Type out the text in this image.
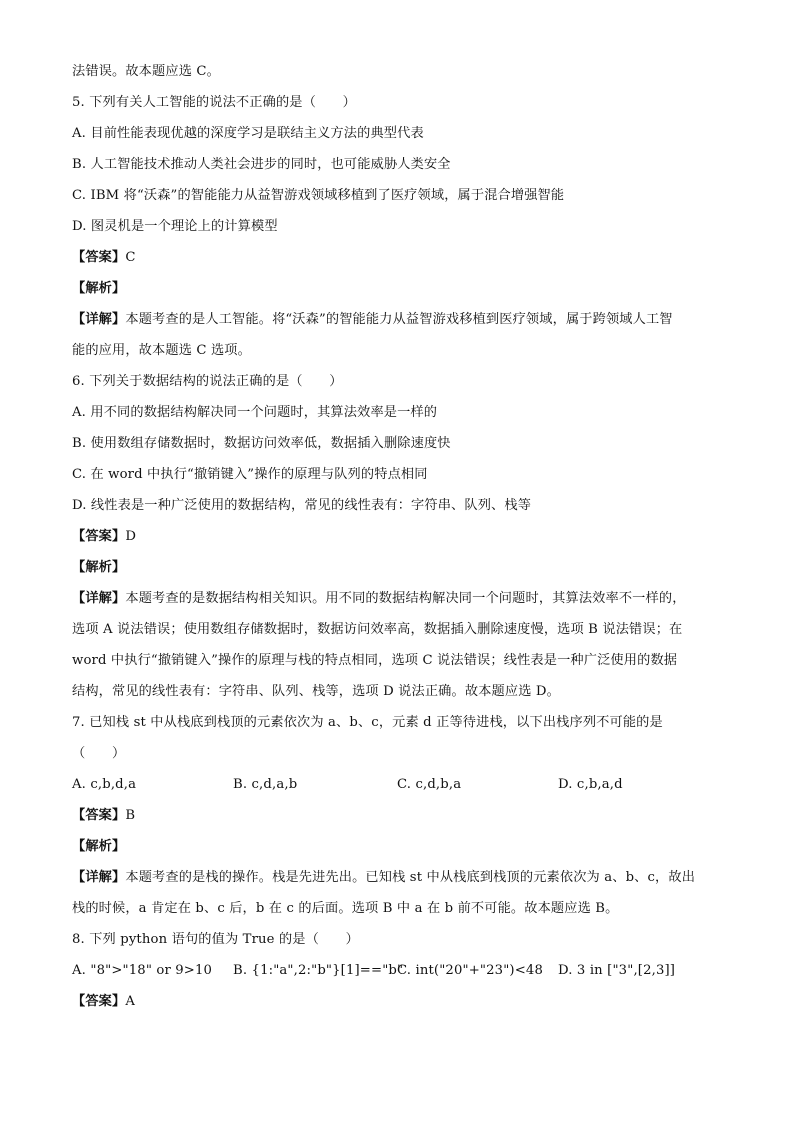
法错误。故本题应选 C。
5. 下列有关人工智能的说法不正确的是（　　）
A. 目前性能表现优越的深度学习是联结主义方法的典型代表
B. 人工智能技术推动人类社会进步的同时，也可能威胁人类安全
C. IBM 将“沃森”的智能能力从益智游戏领域移植到了医疗领域，属于混合增强智能
D. 图灵机是一个理论上的计算模型
【答案】C
【解析】
【详解】本题考查的是人工智能。将“沃森”的智能能力从益智游戏移植到医疗领域，属于跨领域人工智
能的应用，故本题选 C 选项。
6. 下列关于数据结构的说法正确的是（　　）
A. 用不同的数据结构解决同一个问题时，其算法效率是一样的
B. 使用数组存储数据时，数据访问效率低，数据插入删除速度快
C. 在 word 中执行“撤销键入”操作的原理与队列的特点相同
D. 线性表是一种广泛使用的数据结构，常见的线性表有：字符串、队列、栈等
【答案】D
【解析】
【详解】本题考查的是数据结构相关知识。用不同的数据结构解决同一个问题时，其算法效率不一样的，
选项 A 说法错误；使用数组存储数据时，数据访问效率高，数据插入删除速度慢，选项 B 说法错误；在
word 中执行“撤销键入”操作的原理与栈的特点相同，选项 C 说法错误；线性表是一种广泛使用的数据
结构，常见的线性表有：字符串、队列、栈等，选项 D 说法正确。故本题应选 D。
7. 已知栈 st 中从栈底到栈顶的元素依次为 a、b、c，元素 d 正等待进栈，以下出栈序列不可能的是
（　　）
A. c,b,d,a	B. c,d,a,b	C. c,d,b,a	D. c,b,a,d
【答案】B
【解析】
【详解】本题考查的是栈的操作。栈是先进先出。已知栈 st 中从栈底到栈顶的元素依次为 a、b、c，故出
栈的时候，a 肯定在 b、c 后，b 在 c 的后面。选项 B 中 a 在 b 前不可能。故本题应选 B。
8. 下列 python 语句的值为 True 的是（　　）
A. "8">"18" or 9>10 B. {1:"a",2:"b"}[1]=="b"
C. int("20"+"23")<48 D. 3 in ["3",[2,3]]
【答案】A
